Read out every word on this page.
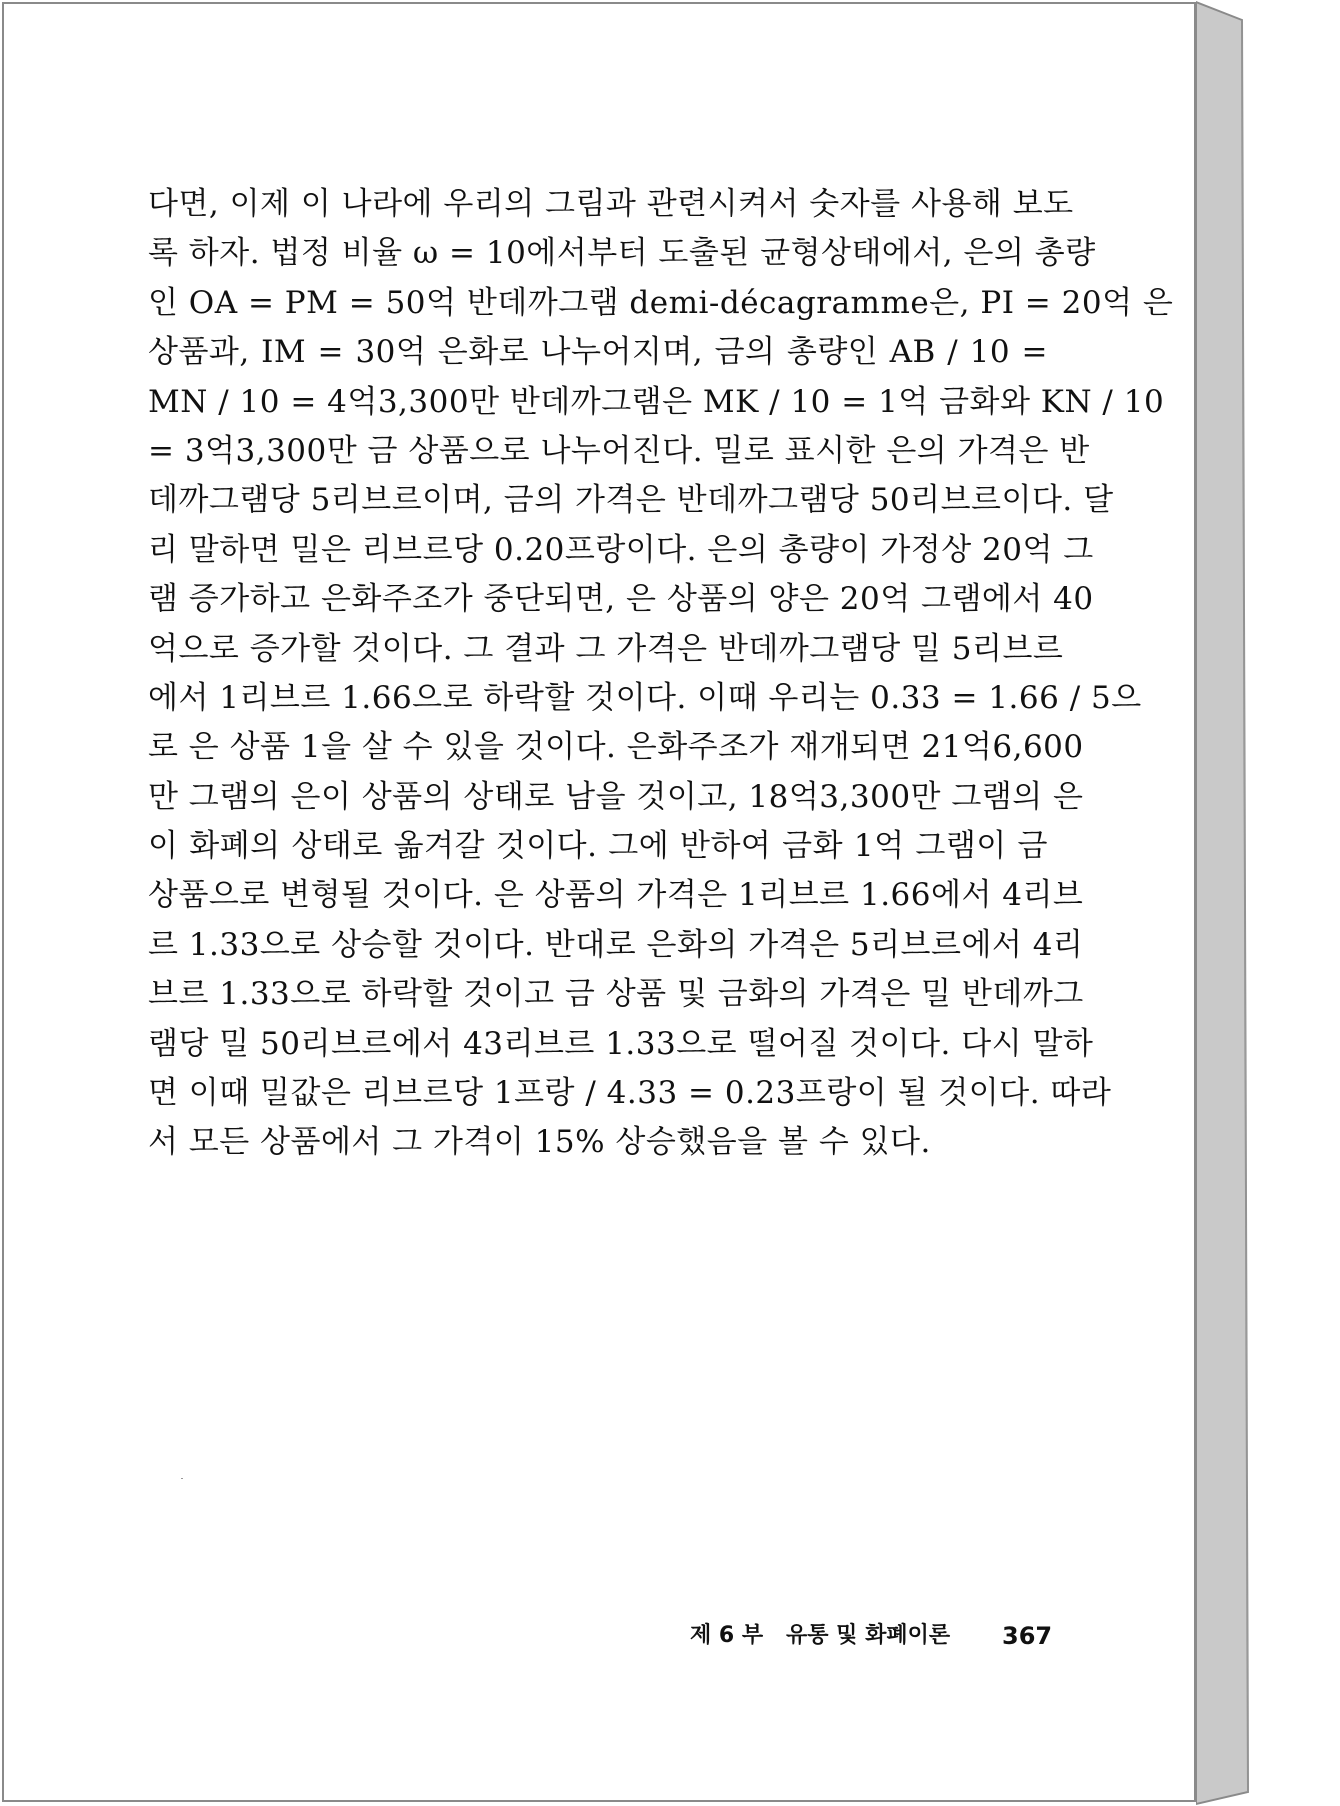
다면, 이제 이 나라에 우리의 그림과 관련시켜서 숫자를 사용해 보도
록 하자. 법정 비율 ω = 10에서부터 도출된 균형상태에서, 은의 총량
인 OA = PM = 50억 반데까그램 demi-décagramme은, PI = 20억 은
상품과, IM = 30억 은화로 나누어지며, 금의 총량인 AB / 10 =
MN / 10 = 4억3,300만 반데까그램은 MK / 10 = 1억 금화와 KN / 10
= 3억3,300만 금 상품으로 나누어진다. 밀로 표시한 은의 가격은 반
데까그램당 5리브르이며, 금의 가격은 반데까그램당 50리브르이다. 달
리 말하면 밀은 리브르당 0.20프랑이다. 은의 총량이 가정상 20억 그
램 증가하고 은화주조가 중단되면, 은 상품의 양은 20억 그램에서 40
억으로 증가할 것이다. 그 결과 그 가격은 반데까그램당 밀 5리브르
에서 1리브르 1.66으로 하락할 것이다. 이때 우리는 0.33 = 1.66 / 5으
로 은 상품 1을 살 수 있을 것이다. 은화주조가 재개되면 21억6,600
만 그램의 은이 상품의 상태로 남을 것이고, 18억3,300만 그램의 은
이 화폐의 상태로 옮겨갈 것이다. 그에 반하여 금화 1억 그램이 금
상품으로 변형될 것이다. 은 상품의 가격은 1리브르 1.66에서 4리브
르 1.33으로 상승할 것이다. 반대로 은화의 가격은 5리브르에서 4리
브르 1.33으로 하락할 것이고 금 상품 및 금화의 가격은 밀 반데까그
램당 밀 50리브르에서 43리브르 1.33으로 떨어질 것이다. 다시 말하
면 이때 밀값은 리브르당 1프랑 / 4.33 = 0.23프랑이 될 것이다. 따라
서 모든 상품에서 그 가격이 15% 상승했음을 볼 수 있다.
제 6 부 유통 및 화폐이론 367
